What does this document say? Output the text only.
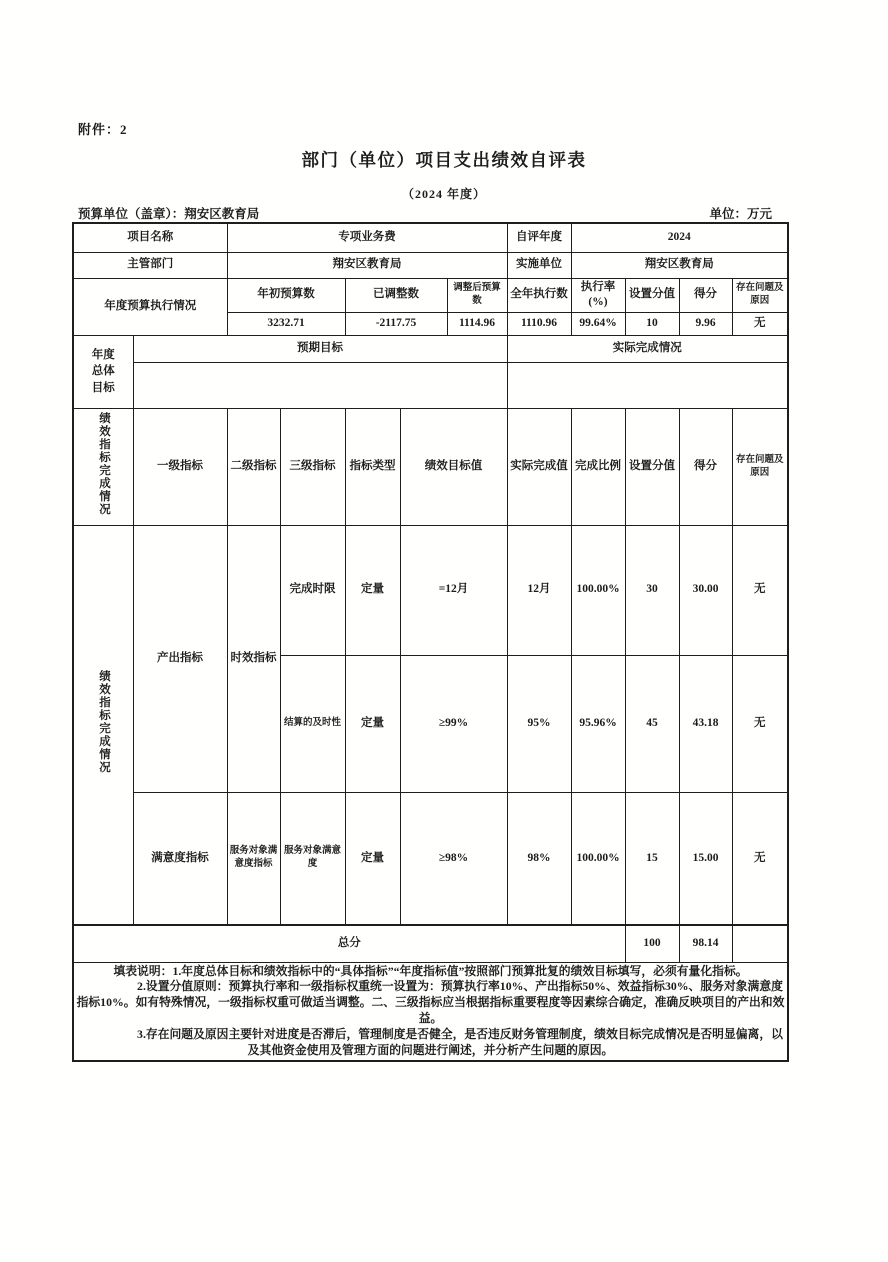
附件：2
部门（单位）项目支出绩效自评表
（2024 年度）
预算单位（盖章）：翔安区教育局	单位：万元
项目名称		专项业务费					自评年度	2024			
主管部门		翔安区教育局					实施单位	翔安区教育局			
年度预算执行情况		年初预算数		已调整数		调整后预算数	全年执行数	执行率(%)	设置分值	得分	存在问题及原因
		3232.71		-2117.75		1114.96	1110.96	99.64%	10	9.96	无

年度总体目标	预期目标						实际完成情况				

绩效指标完成情况	一级指标	二级指标	三级指标	指标类型	绩效目标值		实际完成值	完成比例	设置分值	得分	存在问题及原因
绩效指标完成情况	产出指标	时效指标	完成时限	定量	=12月		12月	100.00%	30	30.00	无
			结算的及时性	定量	≥99%		95%	95.96%	45	43.18	无
	满意度指标	服务对象满意度指标	服务对象满意度	定量	≥98%		98%	100.00%	15	15.00	无
总分									100	98.14	

填表说明：1.年度总体目标和绩效指标中的“具体指标”“年度指标值”按照部门预算批复的绩效目标填写，必须有量化指标。

2.设置分值原则：预算执行率和一级指标权重统一设置为：预算执行率10%、产出指标50%、效益指标30%、服务对象满意度指标10%。如有特殊情况，一级指标权重可做适当调整。二、三级指标应当根据指标重要程度等因素综合确定，准确反映项目的产出和效益。

3.存在问题及原因主要针对进度是否滞后，管理制度是否健全，是否违反财务管理制度，绩效目标完成情况是否明显偏离，以及其他资金使用及管理方面的问题进行阐述，并分析产生问题的原因。											
